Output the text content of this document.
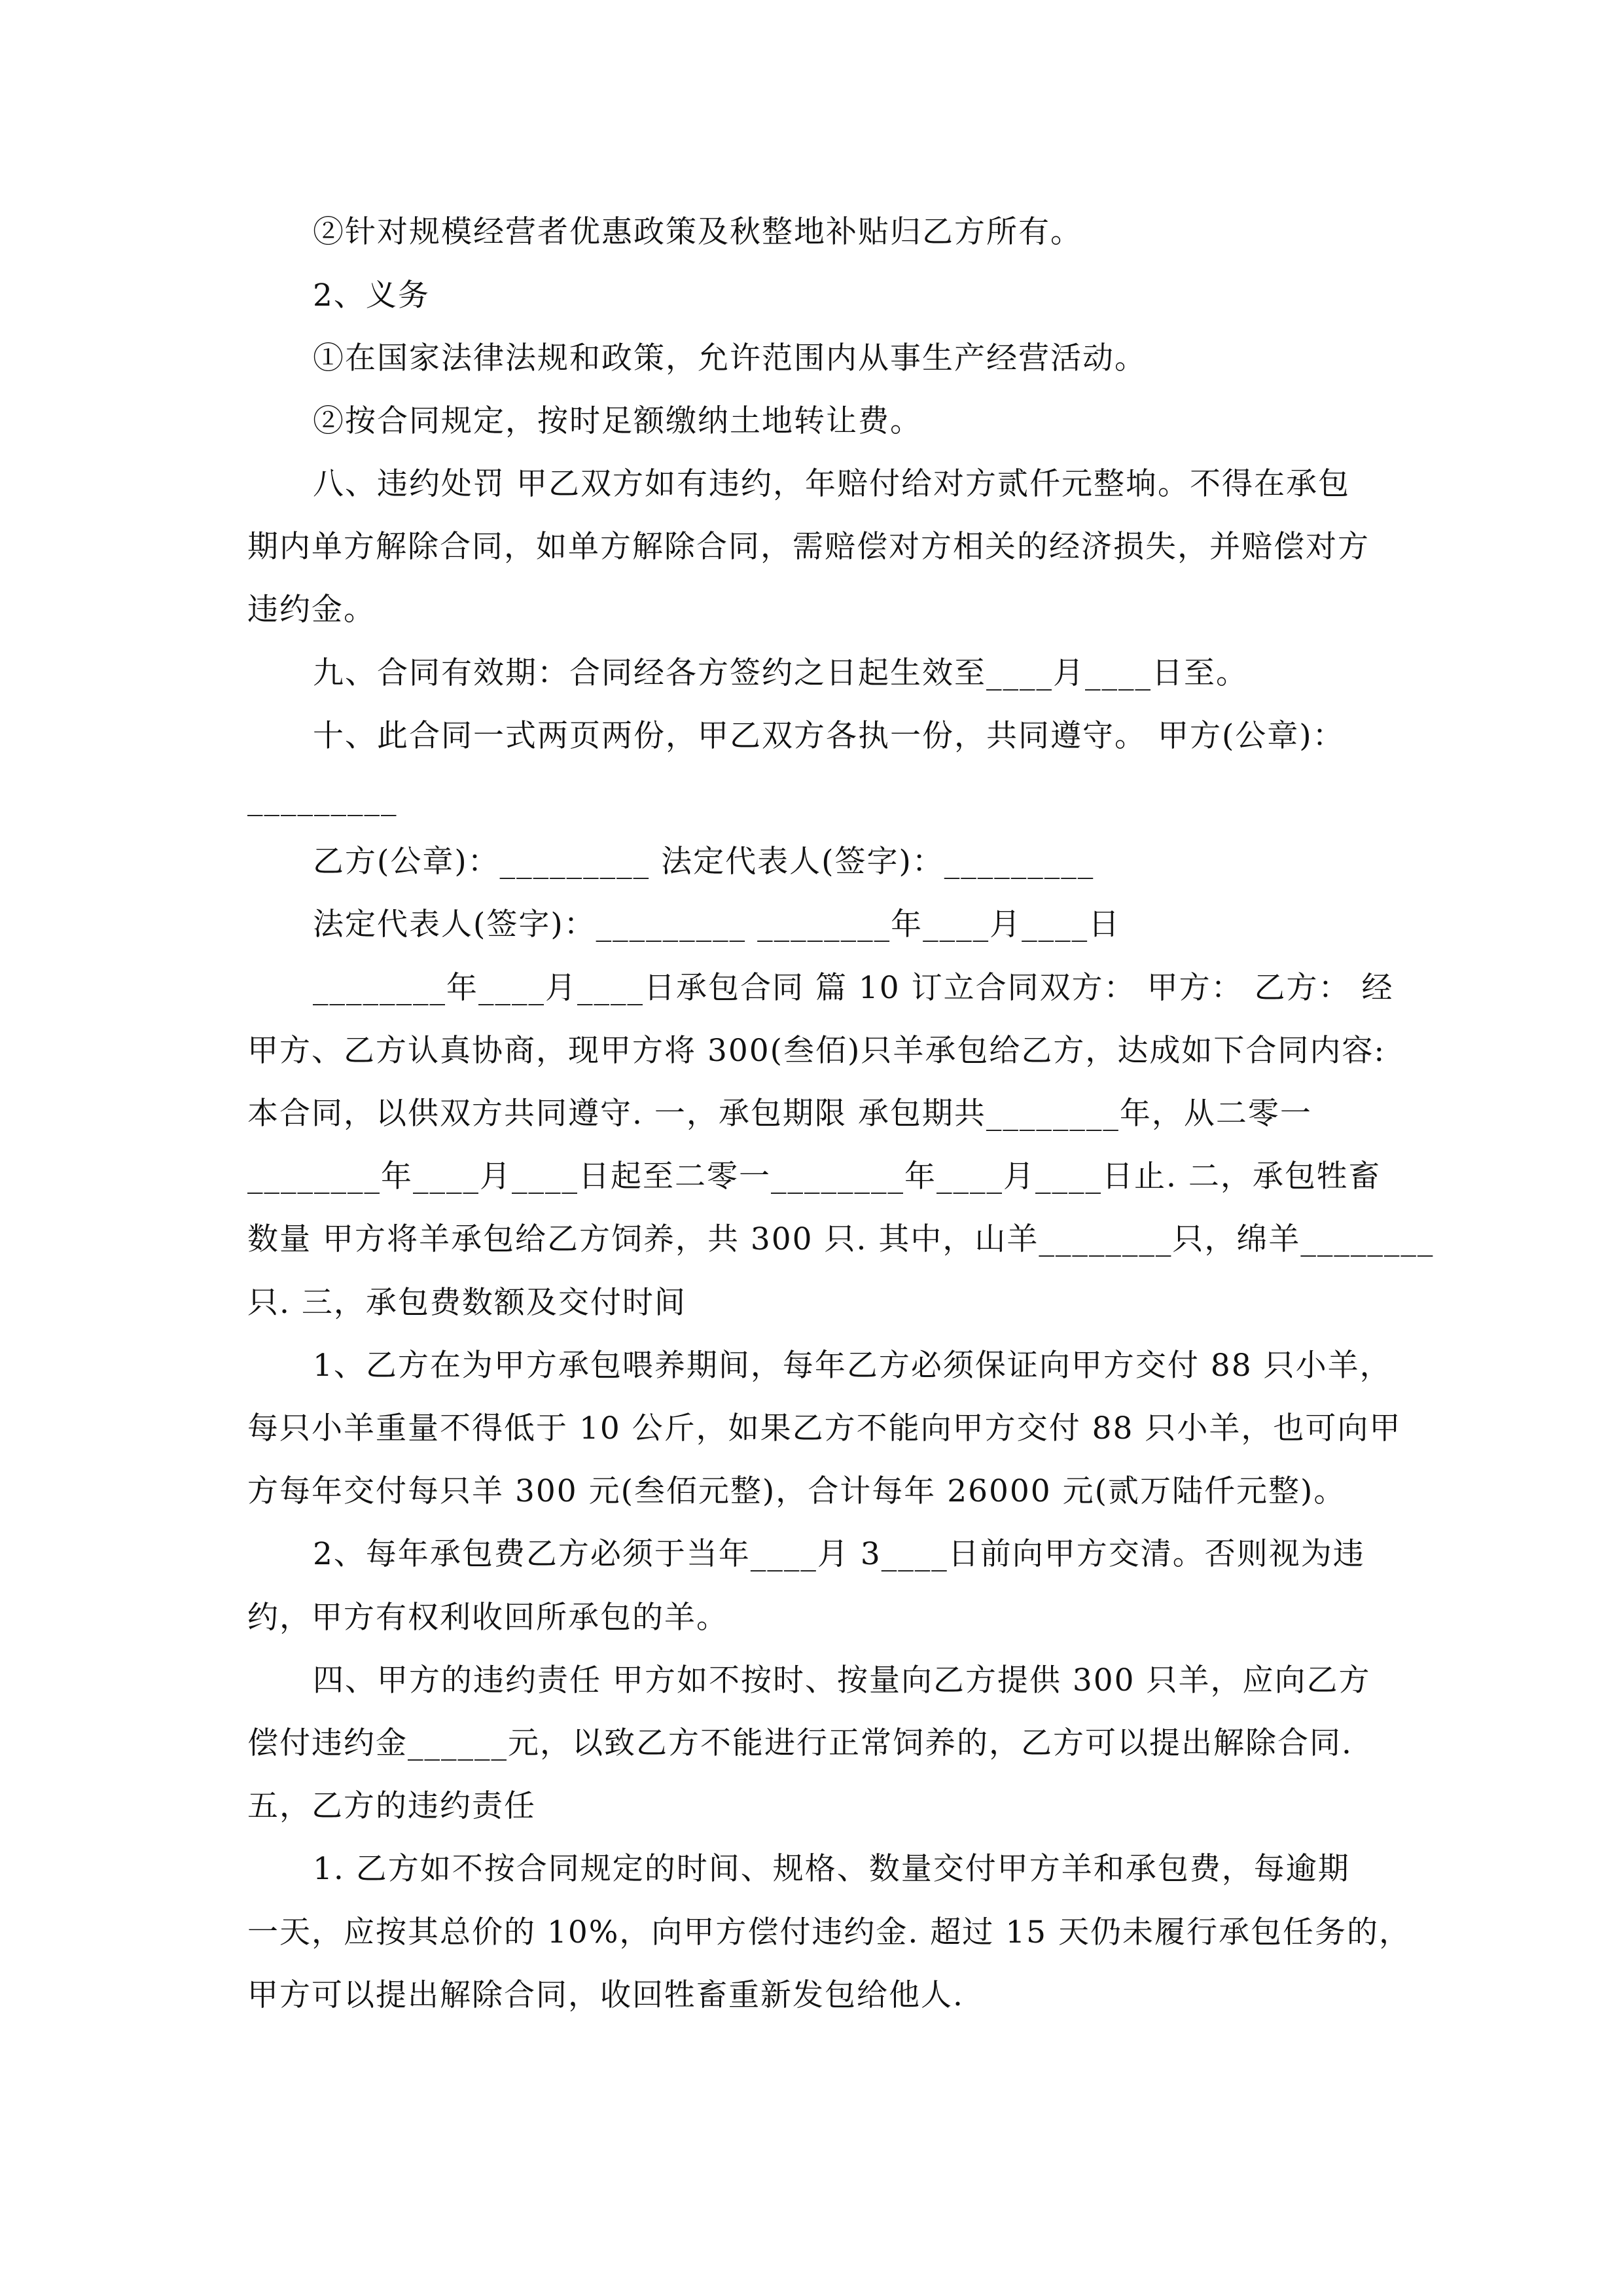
②针对规模经营者优惠政策及秋整地补贴归乙方所有。
2、义务
①在国家法律法规和政策，允许范围内从事生产经营活动。
②按合同规定，按时足额缴纳土地转让费。
八、违约处罚 甲乙双方如有违约，年赔付给对方贰仟元整垧。不得在承包
期内单方解除合同，如单方解除合同，需赔偿对方相关的经济损失，并赔偿对方
违约金。
九、合同有效期：合同经各方签约之日起生效至____月____日至。
十、此合同一式两页两份，甲乙双方各执一份，共同遵守。 甲方(公章)：
_________
乙方(公章)：_________ 法定代表人(签字)：_________
法定代表人(签字)：_________ ________年____月____日
________年____月____日承包合同 篇 10 订立合同双方： 甲方： 乙方： 经
甲方、乙方认真协商，现甲方将 300(叁佰)只羊承包给乙方，达成如下合同内容:
本合同，以供双方共同遵守. 一，承包期限 承包期共________年，从二零一
________年____月____日起至二零一________年____月____日止. 二，承包牲畜
数量 甲方将羊承包给乙方饲养，共 300 只. 其中，山羊________只，绵羊________
只. 三，承包费数额及交付时间
1、乙方在为甲方承包喂养期间，每年乙方必须保证向甲方交付 88 只小羊，
每只小羊重量不得低于 10 公斤，如果乙方不能向甲方交付 88 只小羊，也可向甲
方每年交付每只羊 300 元(叁佰元整)，合计每年 26000 元(贰万陆仟元整)。
2、每年承包费乙方必须于当年____月 3____日前向甲方交清。否则视为违
约，甲方有权利收回所承包的羊。
四、甲方的违约责任 甲方如不按时、按量向乙方提供 300 只羊，应向乙方
偿付违约金______元，以致乙方不能进行正常饲养的，乙方可以提出解除合同.
五，乙方的违约责任
1. 乙方如不按合同规定的时间、规格、数量交付甲方羊和承包费，每逾期
一天，应按其总价的 10%，向甲方偿付违约金. 超过 15 天仍未履行承包任务的，
甲方可以提出解除合同，收回牲畜重新发包给他人.
